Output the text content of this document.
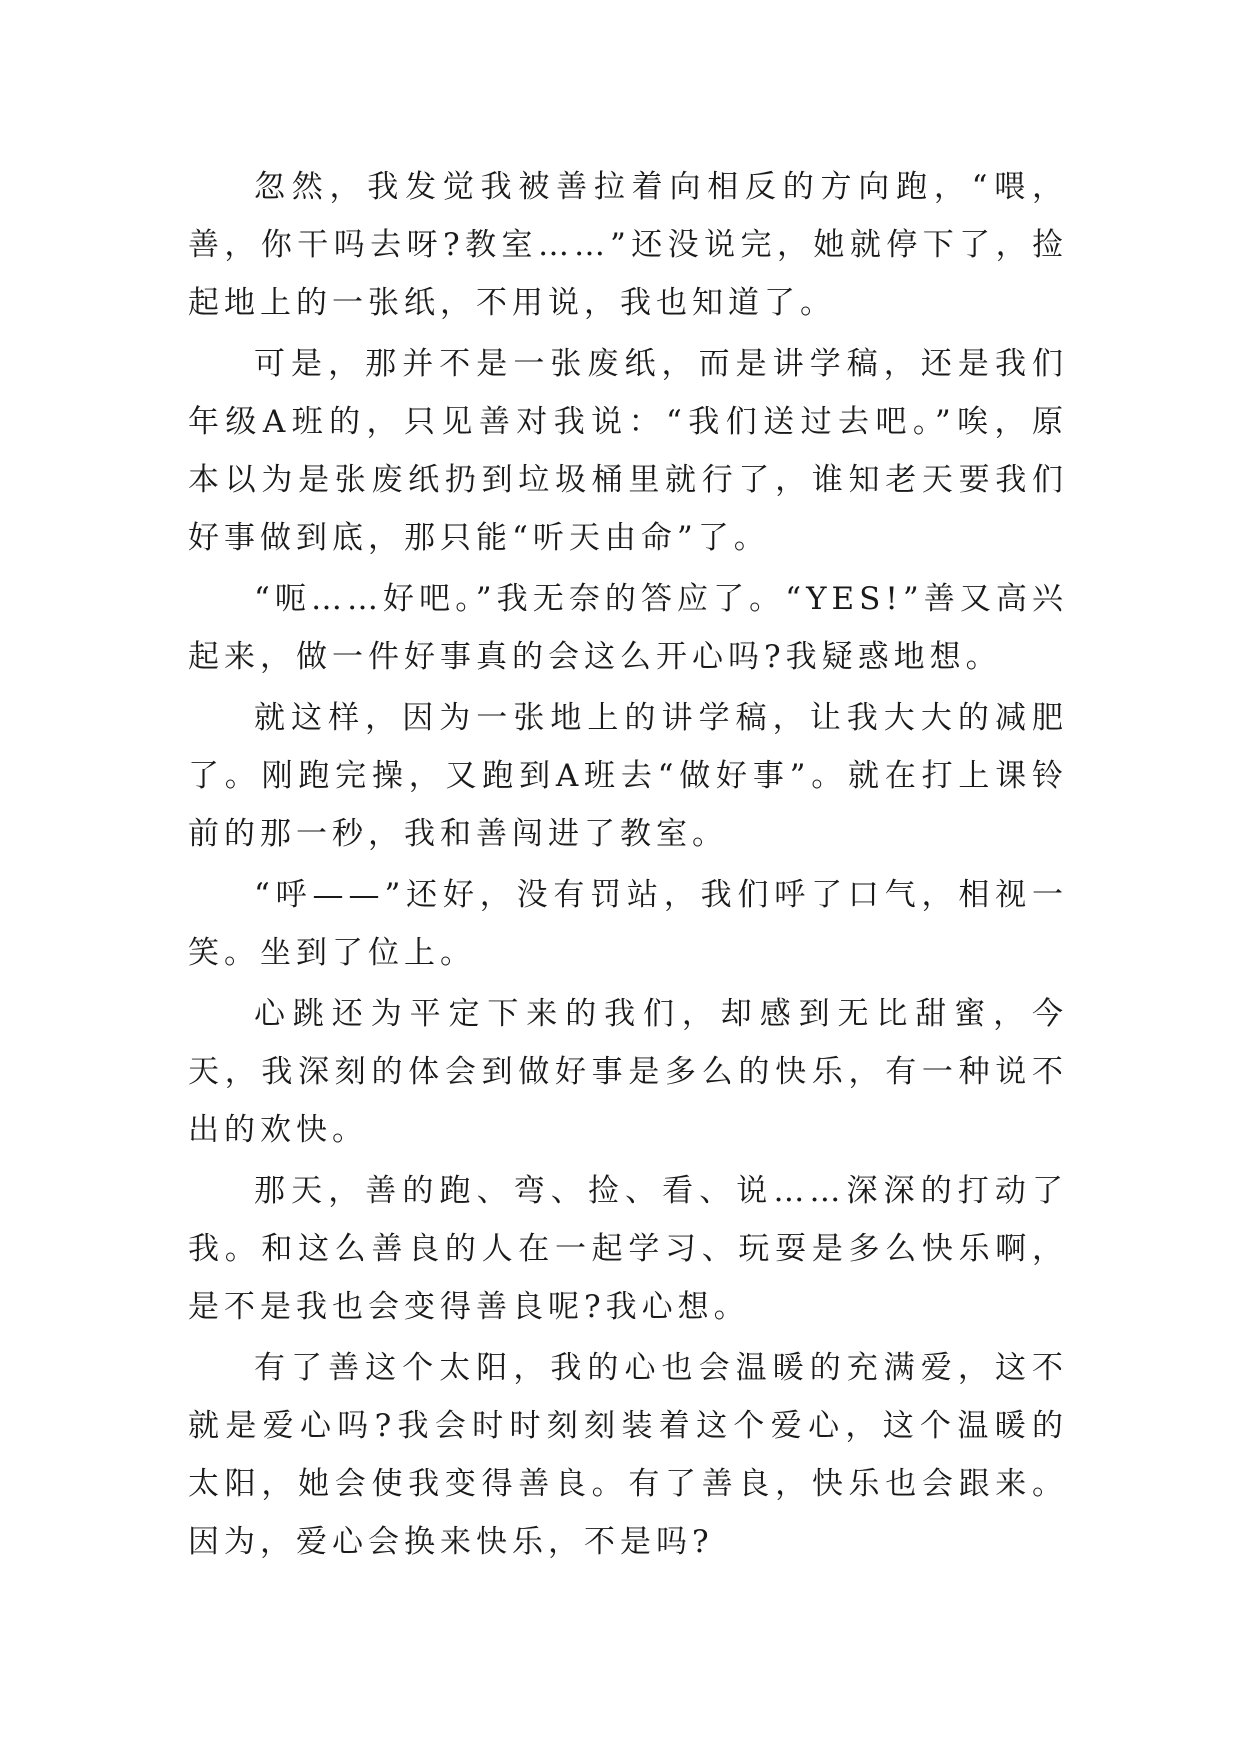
忽然，我发觉我被善拉着向相反的方向跑，“喂，善，你干吗去呀?教室……”还没说完，她就停下了，捡起地上的一张纸，不用说，我也知道了。

可是，那并不是一张废纸，而是讲学稿，还是我们年级A班的，只见善对我说：“我们送过去吧。”唉，原本以为是张废纸扔到垃圾桶里就行了，谁知老天要我们好事做到底，那只能“听天由命”了。

“呃……好吧。”我无奈的答应了。“YES!”善又高兴起来，做一件好事真的会这么开心吗?我疑惑地想。

就这样，因为一张地上的讲学稿，让我大大的减肥了。刚跑完操，又跑到A班去“做好事”。就在打上课铃前的那一秒，我和善闯进了教室。

“呼——”还好，没有罚站，我们呼了口气，相视一笑。坐到了位上。

心跳还为平定下来的我们，却感到无比甜蜜，今天，我深刻的体会到做好事是多么的快乐，有一种说不出的欢快。

那天，善的跑、弯、捡、看、说……深深的打动了我。和这么善良的人在一起学习、玩耍是多么快乐啊，是不是我也会变得善良呢?我心想。

有了善这个太阳，我的心也会温暖的充满爱，这不就是爱心吗?我会时时刻刻装着这个爱心，这个温暖的太阳，她会使我变得善良。有了善良，快乐也会跟来。因为，爱心会换来快乐，不是吗?
